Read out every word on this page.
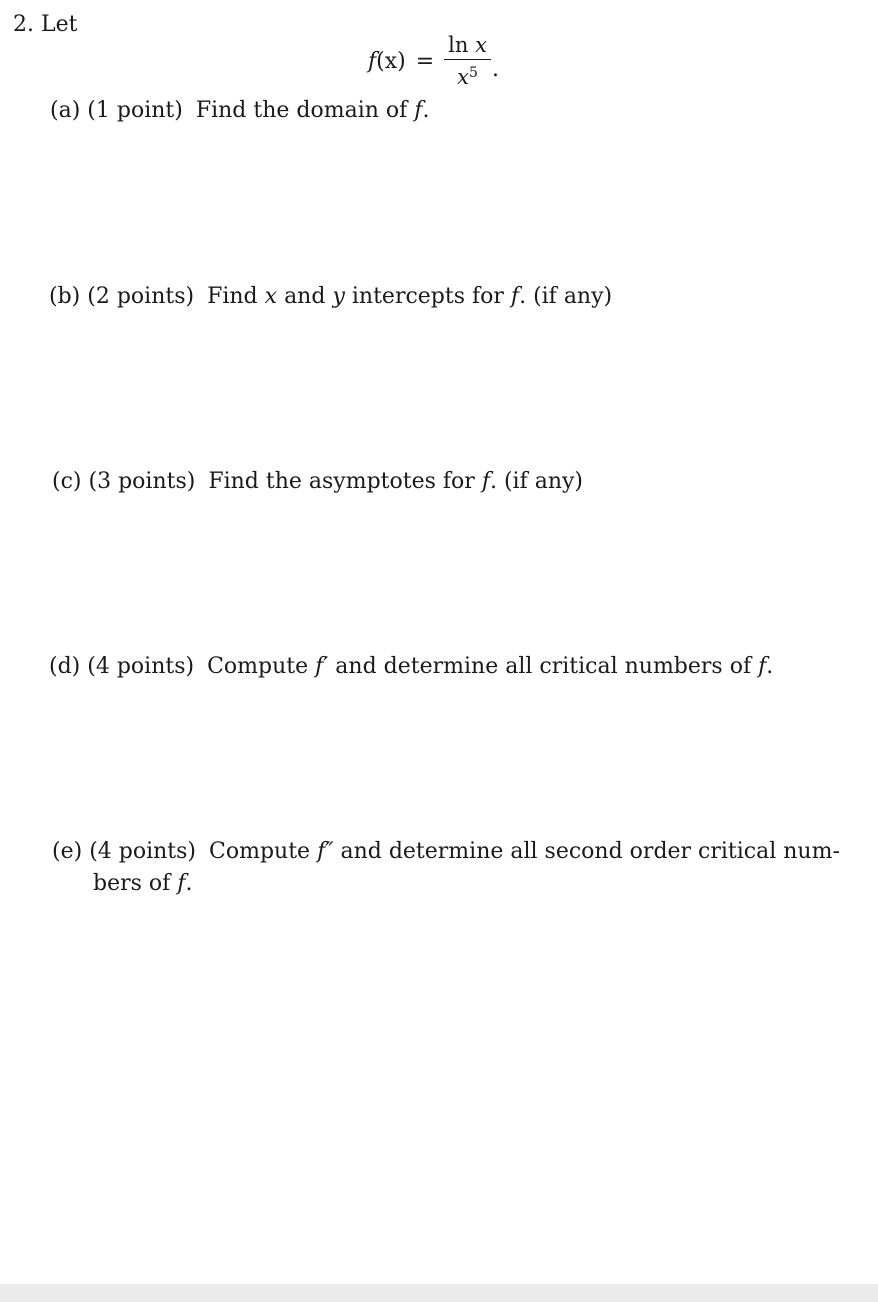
2. Let
$f(x) = \frac{\text{ln x}}{x^5}$ .
(a) (1 point) Find the domain of f.
(b) (2 points) Find x and y intercepts for f. (if any)
(c) (3 points) Find the asymptotes for f. (if any)
(d) (4 points) Compute f′ and determine all critical numbers of f.
(e) (4 points) Compute f″ and determine all second order critical num-
bers of f.
